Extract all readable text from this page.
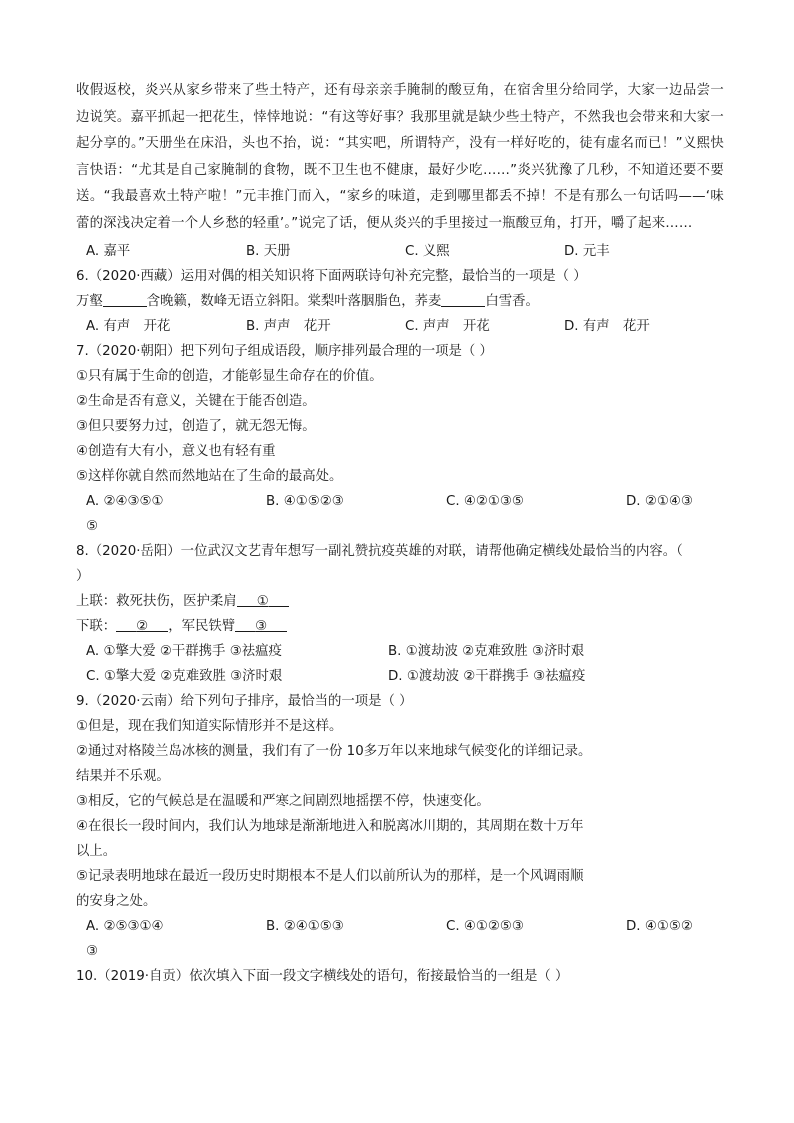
收假返校，炎兴从家乡带来了些土特产，还有母亲亲手腌制的酸豆角，在宿舍里分给同学，大家一边品尝一边说笑。嘉平抓起一把花生，悻悻地说：“有这等好事？我那里就是缺少些土特产，不然我也会带来和大家一起分享的。”天册坐在床沿，头也不抬，说：“其实吧，所谓特产，没有一样好吃的，徒有虚名而已！”义熙快言快语：“尤其是自己家腌制的食物，既不卫生也不健康，最好少吃……”炎兴犹豫了几秒，不知道还要不要送。“我最喜欢土特产啦！”元丰推门而入，“家乡的味道，走到哪里都丢不掉！不是有那么一句话吗——‘味蕾的深浅决定着一个人乡愁的轻重’。”说完了话，便从炎兴的手里接过一瓶酸豆角，打开，嚼了起来……
A. 嘉平	B. 天册	C. 义熙	D. 元丰
6.（2020·西藏）运用对偶的相关知识将下面两联诗句补充完整，最恰当的一项是（ ）
万壑	含晚籁，数峰无语立斜阳。棠梨叶落胭脂色，荞麦	白雪香。
A. 有声　开花	B. 声声　花开	C. 声声　开花	D. 有声　花开
7.（2020·朝阳）把下列句子组成语段，顺序排列最合理的一项是（ ）
①只有属于生命的创造，才能彰显生命存在的价值。
②生命是否有意义，关键在于能否创造。
③但只要努力过，创造了，就无怨无悔。
④创造有大有小，意义也有轻有重
⑤这样你就自然而然地站在了生命的最高处。
A. ②④③⑤①	B. ④①⑤②③	C. ④②①③⑤	D. ②①④③
⑤
8.（2020·岳阳）一位武汉文艺青年想写一副礼赞抗疫英雄的对联，请帮他确定横线处最恰当的内容。（
）
上联：救死扶伤，医护柔肩 ①
下联： ② ，军民铁臂 ③
A. ①擎大爱 ②干群携手 ③祛瘟疫	B. ①渡劫波 ②克难致胜 ③济时艰
C. ①擎大爱 ②克难致胜 ③济时艰	D. ①渡劫波 ②干群携手 ③祛瘟疫
9.（2020·云南）给下列句子排序，最恰当的一项是（ ）
①但是，现在我们知道实际情形并不是这样。
②通过对格陵兰岛冰核的测量，我们有了一份 10多万年以来地球气候变化的详细记录。
结果并不乐观。
③相反，它的气候总是在温暖和严寒之间剧烈地摇摆不停，快速变化。
④在很长一段时间内，我们认为地球是渐渐地进入和脱离冰川期的，其周期在数十万年
以上。
⑤记录表明地球在最近一段历史时期根本不是人们以前所认为的那样，是一个风调雨顺
的安身之处。
A. ②⑤③①④	B. ②④①⑤③	C. ④①②⑤③	D. ④①⑤②
③
10.（2019·自贡）依次填入下面一段文字横线处的语句，衔接最恰当的一组是（ ）
